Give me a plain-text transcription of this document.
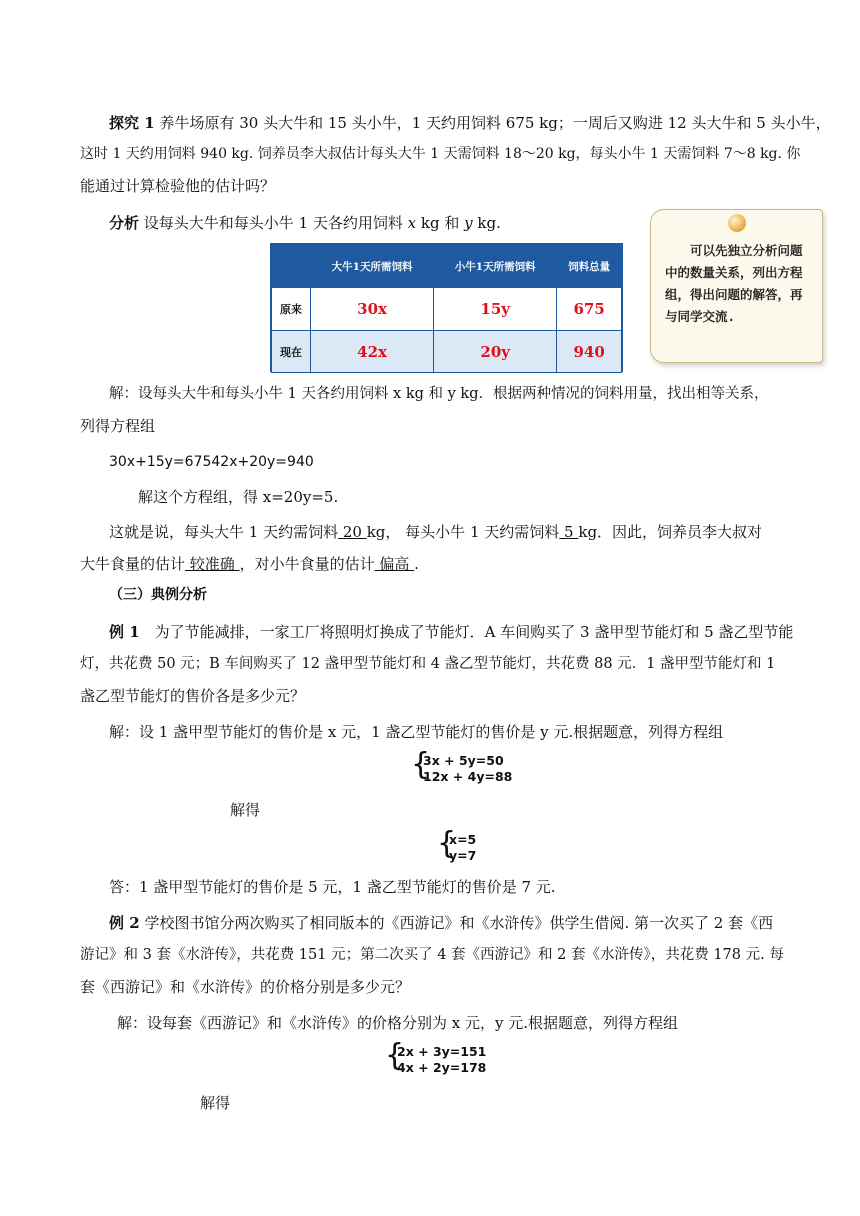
探究 1 养牛场原有 30 头大牛和 15 头小牛，1 天约用饲料 675 kg；一周后又购进 12 头大牛和 5 头小牛，
这时 1 天约用饲料 940 kg. 饲养员李大叔估计每头大牛 1 天需饲料 18～20 kg，每头小牛 1 天需饲料 7～8 kg. 你
能通过计算检验他的估计吗？
分析 设每头大牛和每头小牛 1 天各约用饲料 x kg 和 y kg.
	大牛1天所需饲料	小牛1天所需饲料	饲料总量
原来	30x	15y	675
现在	42x	20y	940
　　可以先独立分析问题中的数量关系，列出方程组，得出问题的解答，再与同学交流.
解：设每头大牛和每头小牛 1 天各约用饲料 x kg 和 y kg．根据两种情况的饲料用量，找出相等关系，
列得方程组
30x+15y=67542x+20y=940
解这个方程组，得 x=20y=5.
这就是说，每头大牛 1 天约需饲料 20 kg， 每头小牛 1 天约需饲料 5 kg．因此，饲养员李大叔对
大牛食量的估计 较准确 ，对小牛食量的估计 偏高 .
（三）典例分析
例 1　为了节能减排，一家工厂将照明灯换成了节能灯．A 车间购买了 3 盏甲型节能灯和 5 盏乙型节能
灯，共花费 50 元；B 车间购买了 12 盏甲型节能灯和 4 盏乙型节能灯，共花费 88 元．1 盏甲型节能灯和 1
盏乙型节能灯的售价各是多少元？
解：设 1 盏甲型节能灯的售价是 x 元，1 盏乙型节能灯的售价是 y 元.根据题意，列得方程组
{
3x + 5y=50
12x + 4y=88
解得
{
x=5
y=7
答：1 盏甲型节能灯的售价是 5 元，1 盏乙型节能灯的售价是 7 元.
例 2 学校图书馆分两次购买了相同版本的《西游记》和《水浒传》供学生借阅. 第一次买了 2 套《西
游记》和 3 套《水浒传》，共花费 151 元；第二次买了 4 套《西游记》和 2 套《水浒传》，共花费 178 元. 每
套《西游记》和《水浒传》的价格分别是多少元？
解：设每套《西游记》和《水浒传》的价格分别为 x 元，y 元.根据题意，列得方程组
{
2x + 3y=151
4x + 2y=178
解得
